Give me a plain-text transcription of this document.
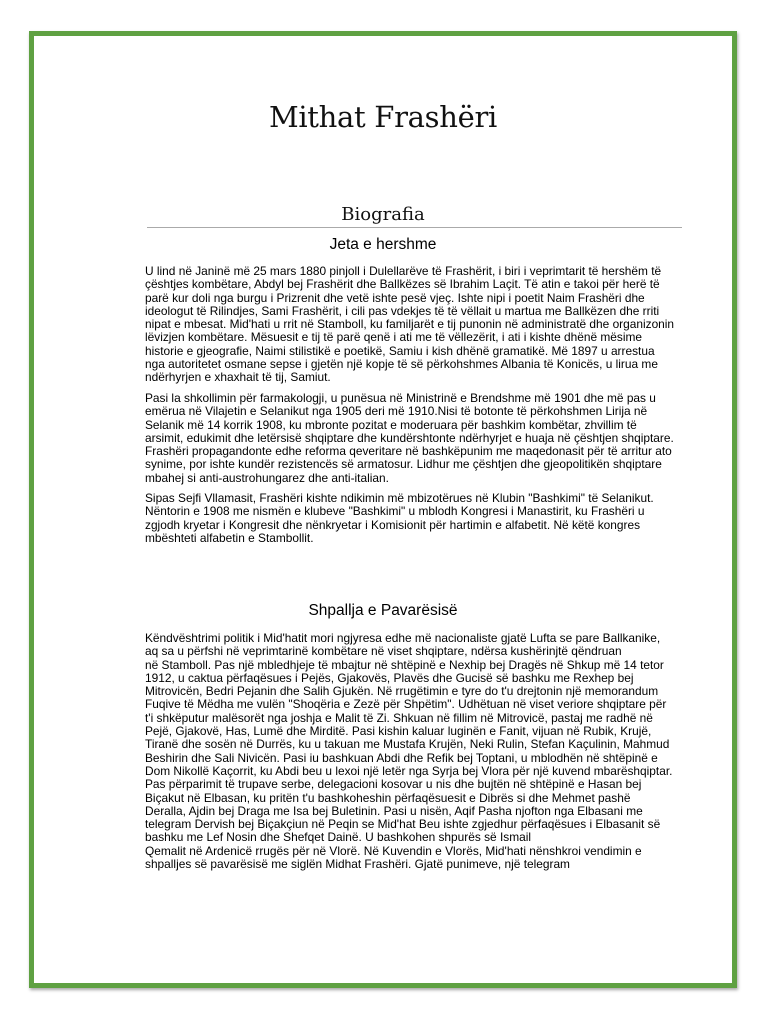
Mithat Frashëri
Biografia
Jeta e hershme
U lind në Janinë më 25 mars 1880 pinjoll i Dulellarëve të Frashërit, i biri i veprimtarit të hershëm të
çështjes kombëtare, Abdyl bej Frashërit dhe Ballkëzes së Ibrahim Laçit. Të atin e takoi për herë të
parë kur doli nga burgu i Prizrenit dhe vetë ishte pesë vjeç. Ishte nipi i poetit Naim Frashëri dhe
ideologut të Rilindjes, Sami Frashërit, i cili pas vdekjes të të vëllait u martua me Ballkëzen dhe rriti
nipat e mbesat. Mid'hati u rrit në Stamboll, ku familjarët e tij punonin në administratë dhe organizonin
lëvizjen kombëtare. Mësuesit e tij të parë qenë i ati me të vëllezërit, i ati i kishte dhënë mësime
historie e gjeografie, Naimi stilistikë e poetikë, Samiu i kish dhënë gramatikë. Më 1897 u arrestua
nga autoritetet osmane sepse i gjetën një kopje të së përkohshmes Albania të Konicës, u lirua me
ndërhyrjen e xhaxhait të tij, Samiut.
Pasi la shkollimin për farmakologji, u punësua në Ministrinë e Brendshme më 1901 dhe më pas u
emërua në Vilajetin e Selanikut nga 1905 deri më 1910.Nisi të botonte të përkohshmen Lirija në
Selanik më 14 korrik 1908, ku mbronte pozitat e moderuara për bashkim kombëtar, zhvillim të
arsimit, edukimit dhe letërsisë shqiptare dhe kundërshtonte ndërhyrjet e huaja në çështjen shqiptare.
Frashëri propagandonte edhe reforma qeveritare në bashkëpunim me maqedonasit për të arritur ato
synime, por ishte kundër rezistencës së armatosur. Lidhur me çështjen dhe gjeopolitikën shqiptare
mbahej si anti-austrohungarez dhe anti-italian.
Sipas Sejfi Vllamasit, Frashëri kishte ndikimin më mbizotërues në Klubin "Bashkimi" të Selanikut.
Nëntorin e 1908 me nismën e klubeve "Bashkimi" u mblodh Kongresi i Manastirit, ku Frashëri u
zgjodh kryetar i Kongresit dhe nënkryetar i Komisionit për hartimin e alfabetit. Në këtë kongres
mbështeti alfabetin e Stambollit.
Shpallja e Pavarësisë
Këndvështrimi politik i Mid'hatit mori ngjyresa edhe më nacionaliste gjatë Lufta se pare Ballkanike,
aq sa u përfshi në veprimtarinë kombëtare në viset shqiptare, ndërsa kushërinjtë qëndruan
në Stamboll. Pas një mbledhjeje të mbajtur në shtëpinë e Nexhip bej Dragës në Shkup më 14 tetor
1912, u caktua përfaqësues i Pejës, Gjakovës, Plavës dhe Gucisë së bashku me Rexhep bej
Mitrovicën, Bedri Pejanin dhe Salih Gjukën. Në rrugëtimin e tyre do t'u drejtonin një memorandum
Fuqive të Mëdha me vulën "Shoqëria e Zezë për Shpëtim". Udhëtuan në viset veriore shqiptare për
t'i shkëputur malësorët nga joshja e Malit të Zi. Shkuan në fillim në Mitrovicë, pastaj me radhë në
Pejë, Gjakovë, Has, Lumë dhe Mirditë. Pasi kishin kaluar luginën e Fanit, vijuan në Rubik, Krujë,
Tiranë dhe sosën në Durrës, ku u takuan me Mustafa Krujën, Neki Rulin, Stefan Kaçulinin, Mahmud
Beshirin dhe Sali Nivicën. Pasi iu bashkuan Abdi dhe Refik bej Toptani, u mblodhën në shtëpinë e
Dom Nikollë Kaçorrit, ku Abdi beu u lexoi një letër nga Syrja bej Vlora për një kuvend mbarëshqiptar.
Pas përparimit të trupave serbe, delegacioni kosovar u nis dhe bujtën në shtëpinë e Hasan bej
Biçakut në Elbasan, ku pritën t'u bashkoheshin përfaqësuesit e Dibrës si dhe Mehmet pashë
Deralla, Ajdin bej Draga me Isa bej Buletinin. Pasi u nisën, Aqif Pasha njofton nga Elbasani me
telegram Dervish bej Biçakçiun në Peqin se Mid'hat Beu ishte zgjedhur përfaqësues i Elbasanit së
bashku me Lef Nosin dhe Shefqet Dainë. U bashkohen shpurës së Ismail
Qemalit në Ardenicë rrugës për në Vlorë. Në Kuvendin e Vlorës, Mid'hati nënshkroi vendimin e
shpalljes së pavarësisë me siglën Midhat Frashëri. Gjatë punimeve, një telegram
